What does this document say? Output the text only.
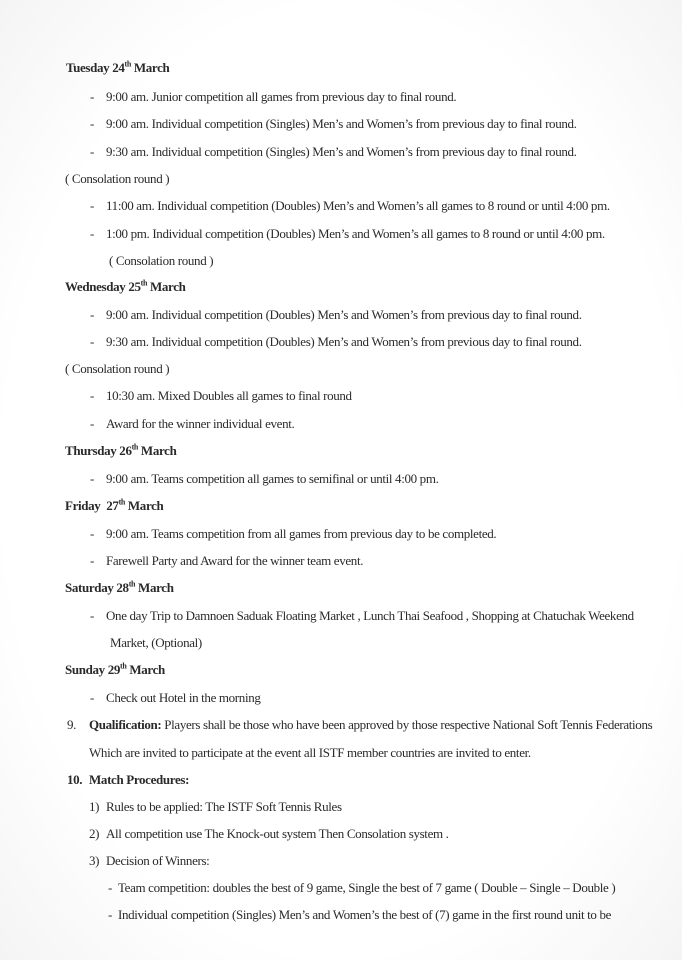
Tuesday 24th March
- 9:00 am. Junior competition all games from previous day to final round.
- 9:00 am. Individual competition (Singles) Men’s and Women’s from previous day to final round.
- 9:30 am. Individual competition (Singles) Men’s and Women’s from previous day to final round.
( Consolation round )
- 11:00 am. Individual competition (Doubles) Men’s and Women’s all games to 8 round or until 4:00 pm.
- 1:00 pm. Individual competition (Doubles) Men’s and Women’s all games to 8 round or until 4:00 pm.
( Consolation round )
Wednesday 25th March
- 9:00 am. Individual competition (Doubles) Men’s and Women’s from previous day to final round.
- 9:30 am. Individual competition (Doubles) Men’s and Women’s from previous day to final round.
( Consolation round )
- 10:30 am. Mixed Doubles all games to final round
- Award for the winner individual event.
Thursday 26th March
- 9:00 am. Teams competition all games to semifinal or until 4:00 pm.
Friday  27th March
- 9:00 am. Teams competition from all games from previous day to be completed.
- Farewell Party and Award for the winner team event.
Saturday 28th March
- One day Trip to Damnoen Saduak Floating Market , Lunch Thai Seafood , Shopping at Chatuchak Weekend
Market, (Optional)
Sunday 29th March
- Check out Hotel in the morning
9. Qualification: Players shall be those who have been approved by those respective National Soft Tennis Federations
Which are invited to participate at the event all ISTF member countries are invited to enter.
10. Match Procedures:
1) Rules to be applied: The ISTF Soft Tennis Rules
2) All competition use The Knock-out system Then Consolation system .
3) Decision of Winners:
- Team competition: doubles the best of 9 game, Single the best of 7 game ( Double – Single – Double )
- Individual competition (Singles) Men’s and Women’s the best of (7) game in the first round unit to be
